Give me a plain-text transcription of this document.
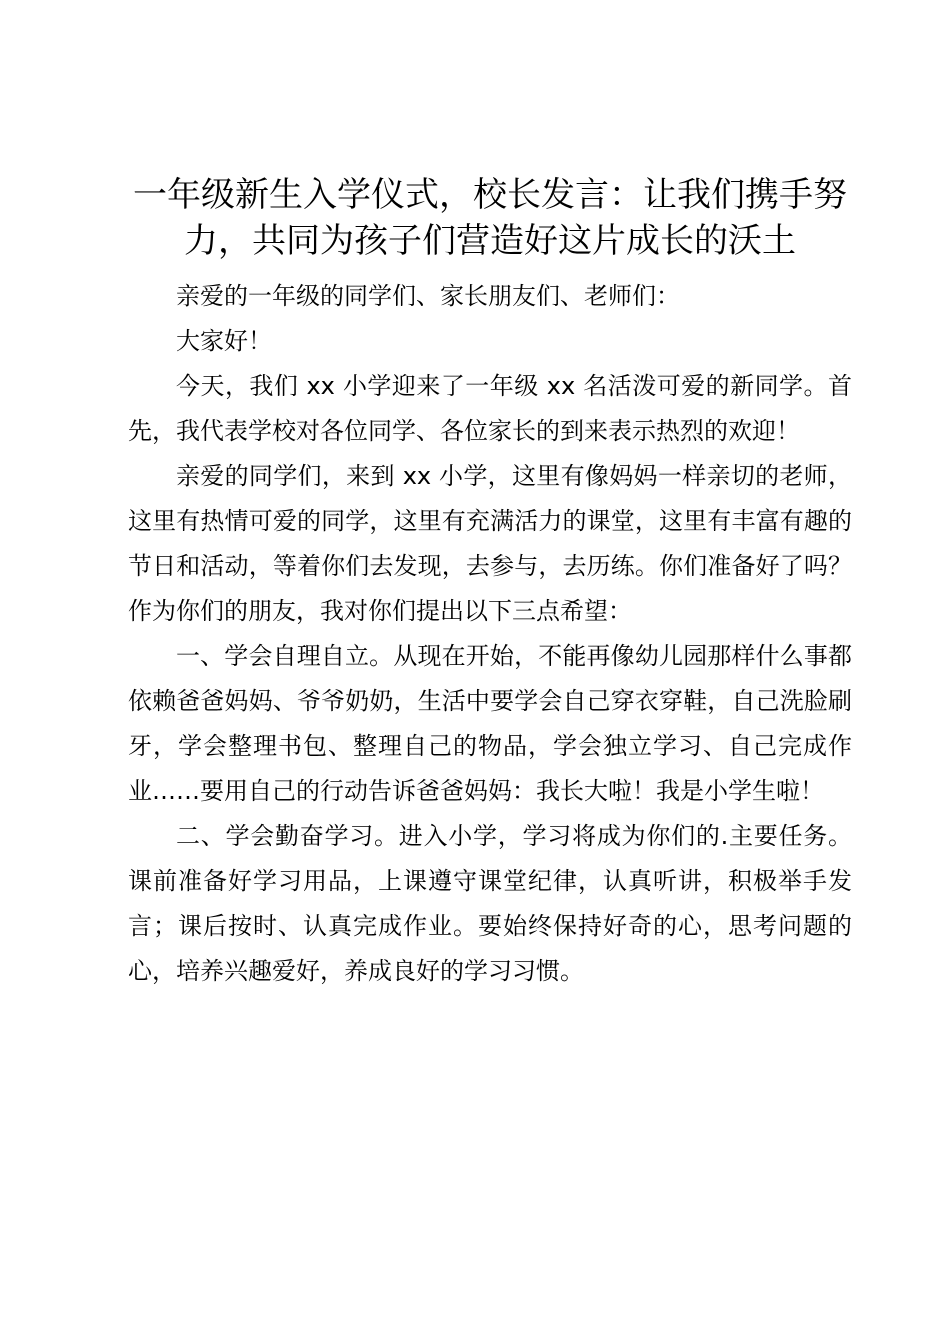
一年级新生入学仪式，校长发言：让我们携手努力，共同为孩子们营造好这片成长的沃土

亲爱的一年级的同学们、家长朋友们、老师们：

大家好！

今天，我们 xx 小学迎来了一年级 xx 名活泼可爱的新同学。首先，我代表学校对各位同学、各位家长的到来表示热烈的欢迎！

亲爱的同学们，来到 xx 小学，这里有像妈妈一样亲切的老师，这里有热情可爱的同学，这里有充满活力的课堂，这里有丰富有趣的节日和活动，等着你们去发现，去参与，去历练。你们准备好了吗？作为你们的朋友，我对你们提出以下三点希望：

一、学会自理自立。从现在开始，不能再像幼儿园那样什么事都依赖爸爸妈妈、爷爷奶奶，生活中要学会自己穿衣穿鞋，自己洗脸刷牙，学会整理书包、整理自己的物品，学会独立学习、自己完成作业……要用自己的行动告诉爸爸妈妈：我长大啦！我是小学生啦！

二、学会勤奋学习。进入小学，学习将成为你们的.主要任务。课前准备好学习用品，上课遵守课堂纪律，认真听讲，积极举手发言；课后按时、认真完成作业。要始终保持好奇的心，思考问题的心，培养兴趣爱好，养成良好的学习习惯。
